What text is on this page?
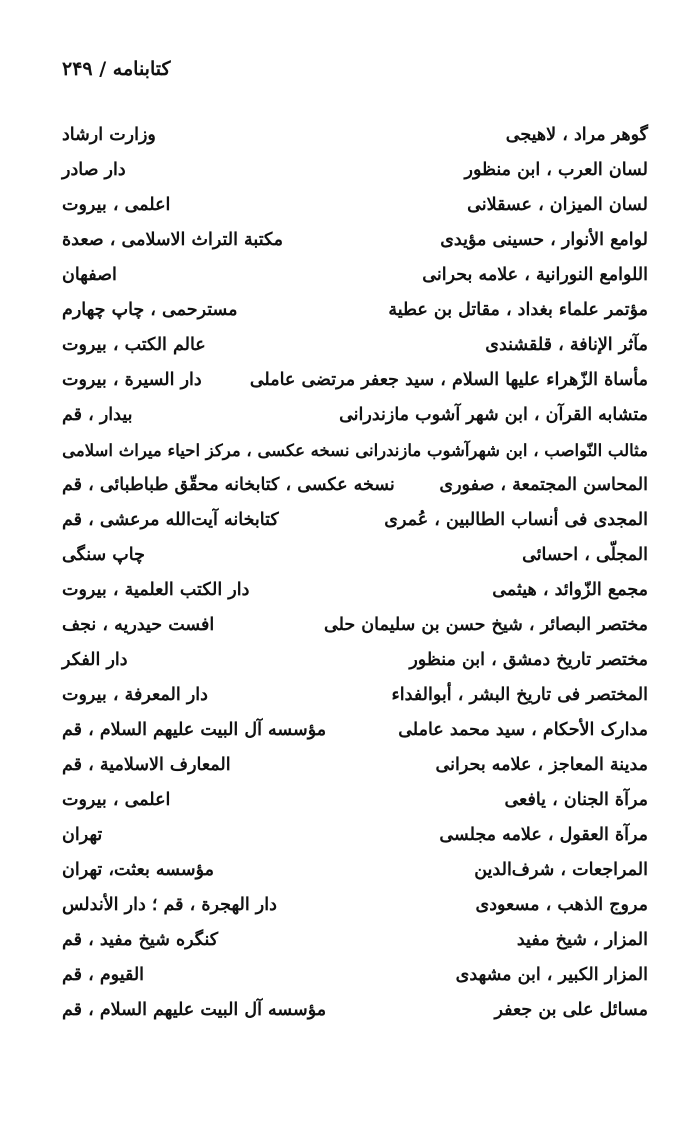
کتابنامه / ۲۴۹
گوهر مراد ، لاهیجی
وزارت ارشاد
لسان العرب ، ابن منظور
دار صادر
لسان المیزان ، عسقلانی
اعلمی ، بیروت
لوامع الأنوار ، حسینی مؤیدی
مکتبة التراث الاسلامی ، صعدة
اللوامع النورانیة ، علامه بحرانی
اصفهان
مؤتمر علماء بغداد ، مقاتل بن عطیة
مسترحمی ، چاپ چهارم
مآثر الإنافة ، قلقشندی
عالم الکتب ، بیروت
مأساة الزّهراء علیها السلام ، سید جعفر مرتضی عاملی
دار السیرة ، بیروت
متشابه القرآن ، ابن شهر آشوب مازندرانی
بیدار ، قم
مثالب النّواصب ، ابن شهرآشوب مازندرانی نسخه عکسی ، مرکز احیاء میراث اسلامی
المحاسن المجتمعة ، صفوری
نسخه عکسی ، کتابخانه محقّق طباطبائی ، قم
المجدی فی أنساب الطالبین ، عُمری
کتابخانه آیت‌الله مرعشی ، قم
المجلّی ، احسائی
چاپ سنگی
مجمع الزّوائد ، هیثمی
دار الکتب العلمیة ، بیروت
مختصر البصائر ، شیخ حسن بن سلیمان حلی
افست حیدریه ، نجف
مختصر تاریخ دمشق ، ابن منظور
دار الفکر
المختصر فی تاریخ البشر ، أبوالفداء
دار المعرفة ، بیروت
مدارک الأحکام ، سید محمد عاملی
مؤسسه آل البیت علیهم السلام ، قم
مدینة المعاجز ، علامه بحرانی
المعارف الاسلامیة ، قم
مرآة الجنان ، یافعی
اعلمی ، بیروت
مرآة العقول ، علامه مجلسی
تهران
المراجعات ، شرف‌الدین
مؤسسه بعثت، تهران
مروج الذهب ، مسعودی
دار الهجرة ، قم ؛ دار الأندلس
المزار ، شیخ مفید
کنگره شیخ مفید ، قم
المزار الکبیر ، ابن مشهدی
القیوم ، قم
مسائل علی بن جعفر
مؤسسه آل البیت علیهم السلام ، قم
